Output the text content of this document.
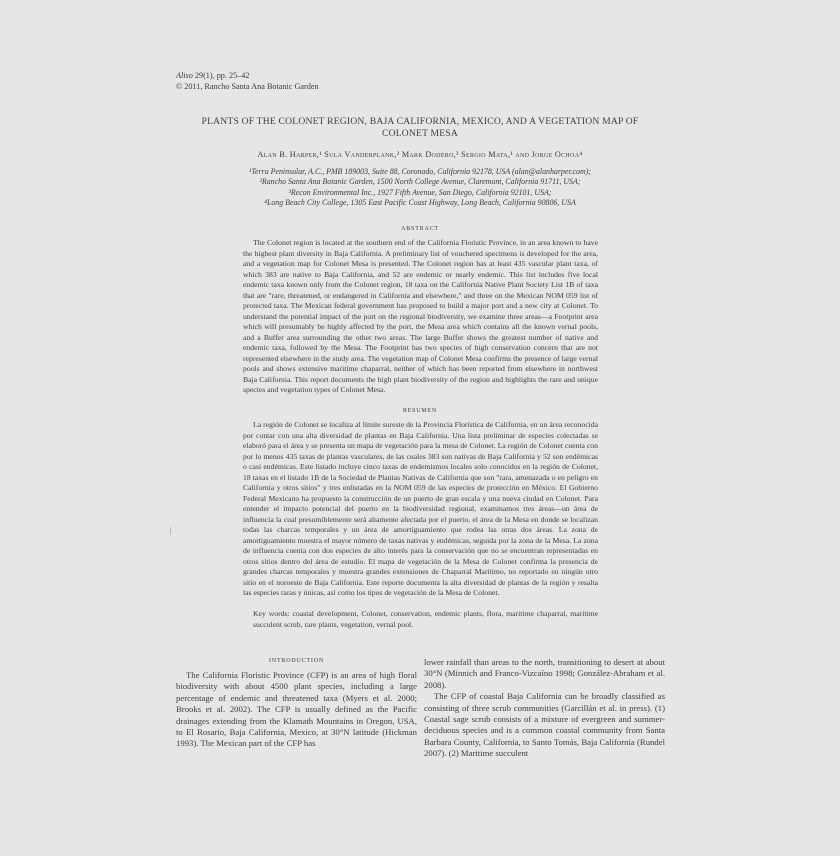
Aliso 29(1), pp. 25–42
© 2011, Rancho Santa Ana Botanic Garden
PLANTS OF THE COLONET REGION, BAJA CALIFORNIA, MEXICO, AND A VEGETATION MAP OF COLONET MESA
Alan B. Harper,¹ Sula Vanderplank,² Mark Dodero,³ Sergio Mata,¹ and Jorge Ochoa⁴
¹Terra Peninsular, A.C., PMB 189003, Suite 88, Coronado, California 92178, USA (alan@alanharper.com);
²Rancho Santa Ana Botanic Garden, 1500 North College Avenue, Claremont, California 91711, USA;
³Recon Environmental Inc., 1927 Fifth Avenue, San Diego, California 92101, USA;
⁴Long Beach City College, 1305 East Pacific Coast Highway, Long Beach, California 90806, USA
ABSTRACT

The Colonet region is located at the southern end of the California Floristic Province, in an area known to have the highest plant diversity in Baja California. A preliminary list of vouchered specimens is developed for the area, and a vegetation map for Colonet Mesa is presented. The Colonet region has at least 435 vascular plant taxa, of which 383 are native to Baja California, and 52 are endemic or nearly endemic. This list includes five local endemic taxa known only from the Colonet region, 18 taxa on the California Native Plant Society List 1B of taxa that are "rare, threatened, or endangered in California and elsewhere," and three on the Mexican NOM 059 list of protected taxa. The Mexican federal government has proposed to build a major port and a new city at Colonet. To understand the potential impact of the port on the regional biodiversity, we examine three areas—a Footprint area which will presumably be highly affected by the port, the Mesa area which contains all the known vernal pools, and a Buffer area surrounding the other two areas. The large Buffer shows the greatest number of native and endemic taxa, followed by the Mesa. The Footprint has two species of high conservation concern that are not represented elsewhere in the study area. The vegetation map of Colonet Mesa confirms the presence of large vernal pools and shows extensive maritime chaparral, neither of which has been reported from elsewhere in northwest Baja California. This report documents the high plant biodiversity of the region and highlights the rare and unique species and vegetation types of Colonet Mesa.

RESUMEN

La región de Colonet se localiza al límite sureste de la Provincia Florística de California, en un área reconocida por contar con una alta diversidad de plantas en Baja California. Una lista preliminar de especies colectadas se elaboró para el área y se presenta un mapa de vegetación para la mesa de Colonet. La región de Colonet cuenta con por lo menos 435 taxas de plantas vasculares, de las cuales 383 son nativas de Baja California y 52 son endémicas o casi endémicas. Este listado incluye cinco taxas de endemismos locales solo conocidos en la región de Colonet, 18 taxas en el listado 1B de la Sociedad de Plantas Nativas de California que son "rara, amenazada o en peligro en California y otros sitios" y tres enlistadas en la NOM 059 de las especies de protección en México. El Gobierno Federal Mexicano ha propuesto la construcción de un puerto de gran escala y una nueva ciudad en Colonet. Para entender el impacto potencial del puerto en la biodiversidad regional, examinamos tres áreas—un área de influencia la cual presumiblemente será altamente afectada por el puerto, el área de la Mesa en donde se localizan todas las charcas temporales y un área de amortiguamiento que rodea las otras dos áreas. La zona de amortiguamiento muestra el mayor número de taxas nativas y endémicas, seguida por la zona de la Mesa. La zona de influencia cuenta con dos especies de alto interés para la conservación que no se encuentran representadas en otros sitios dentro del área de estudio. El mapa de vegetación de la Mesa de Colonet confirma la presencia de grandes charcas temporales y muestra grandes extensiones de Chaparral Marítimo, no reportado en ningún otro sitio en el noroeste de Baja California. Este reporte documenta la alta diversidad de plantas de la región y resalta las especies raras y únicas, así como los tipos de vegetación de la Mesa de Colonet.

Key words: coastal development, Colonet, conservation, endemic plants, flora, maritime chaparral, maritime succulent scrub, rare plants, vegetation, vernal pool.
⁄
INTRODUCTION

The California Floristic Province (CFP) is an area of high floral biodiversity with about 4500 plant species, including a large percentage of endemic and threatened taxa (Myers et al. 2000; Brooks et al. 2002). The CFP is usually defined as the Pacific drainages extending from the Klamath Mountains in Oregon, USA, to El Rosario, Baja California, Mexico, at 30°N latitude (Hickman 1993). The Mexican part of the CFP has

lower rainfall than areas to the north, transitioning to desert at about 30°N (Minnich and Franco-Vizcaíno 1998; González-Abraham et al. 2008).

The CFP of coastal Baja California can be broadly classified as consisting of three scrub communities (Garcillán et al. in press). (1) Coastal sage scrub consists of a mixture of evergreen and summer-deciduous species and is a common coastal community from Santa Barbara County, California, to Santo Tomás, Baja California (Rundel 2007). (2) Maritime succulent
